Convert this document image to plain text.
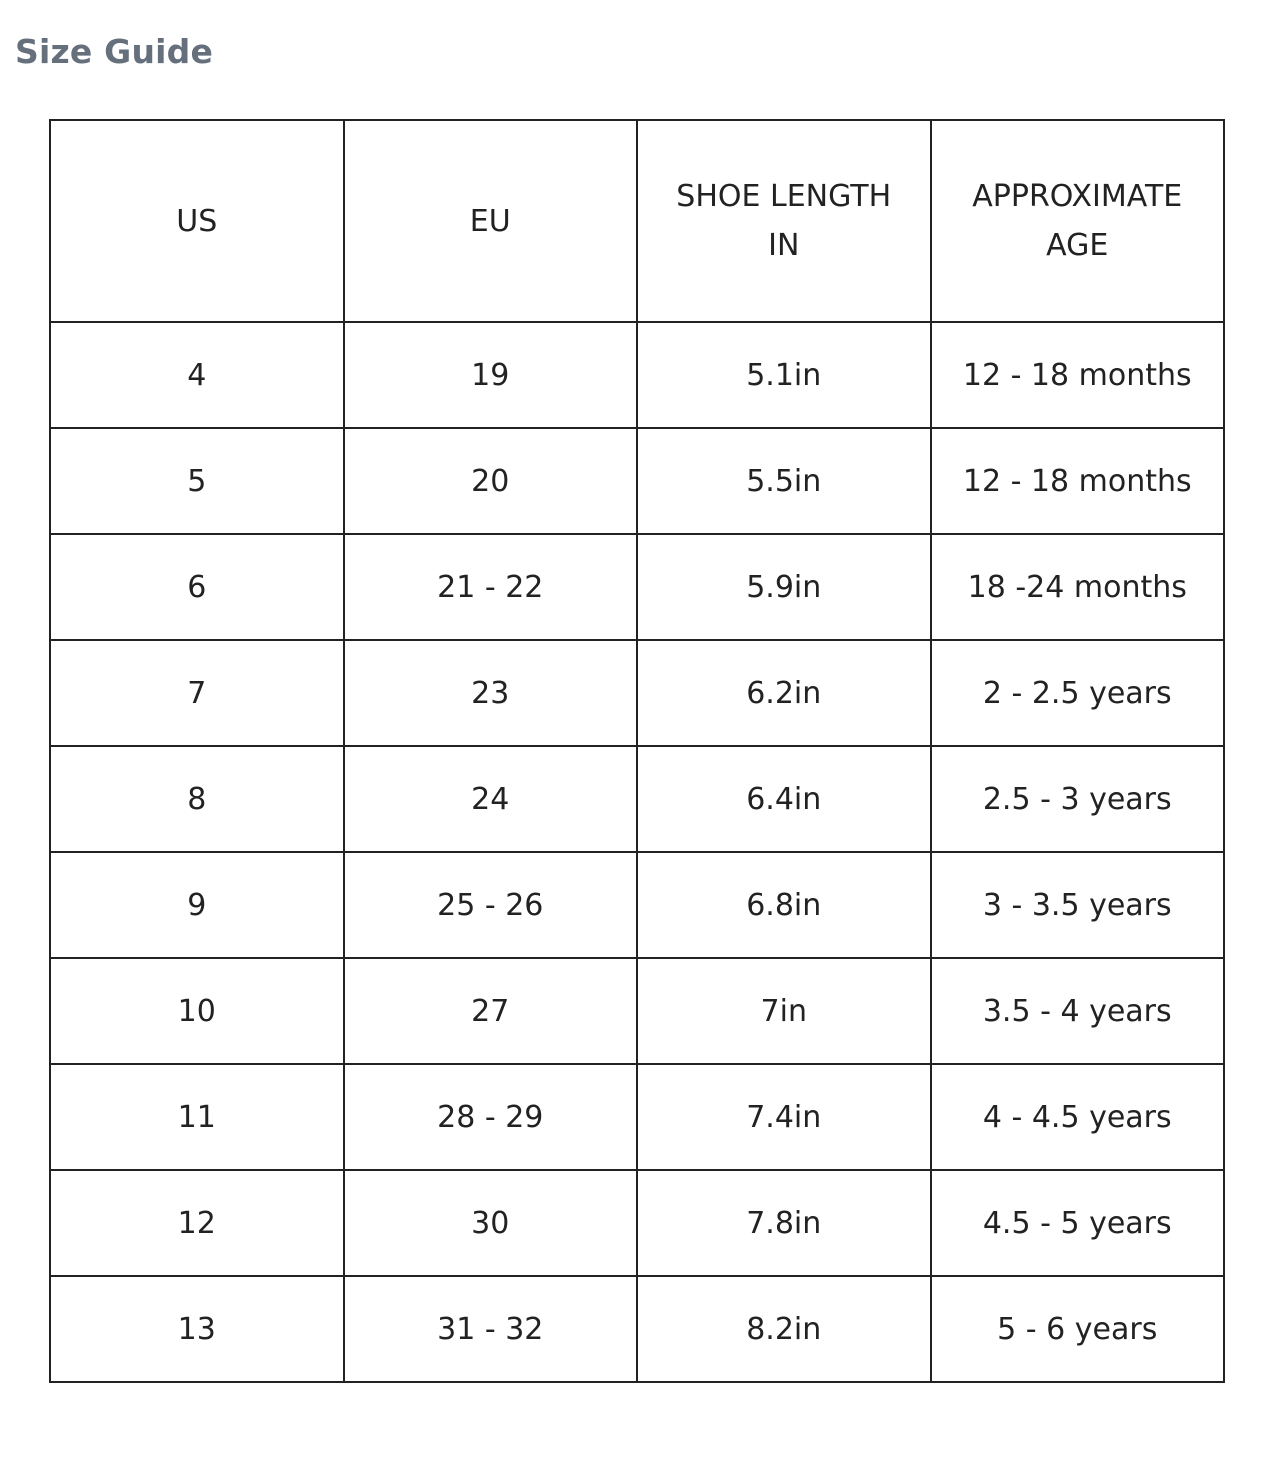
Size Guide
US	EU	SHOE LENGTH IN	APPROXIMATE AGE
4	19	5.1in	12 - 18 months
5	20	5.5in	12 - 18 months
6	21 - 22	5.9in	18 -24 months
7	23	6.2in	2 - 2.5 years
8	24	6.4in	2.5 - 3 years
9	25 - 26	6.8in	3 - 3.5 years
10	27	7in	3.5 - 4 years
11	28 - 29	7.4in	4 - 4.5 years
12	30	7.8in	4.5 - 5 years
13	31 - 32	8.2in	5 - 6 years
